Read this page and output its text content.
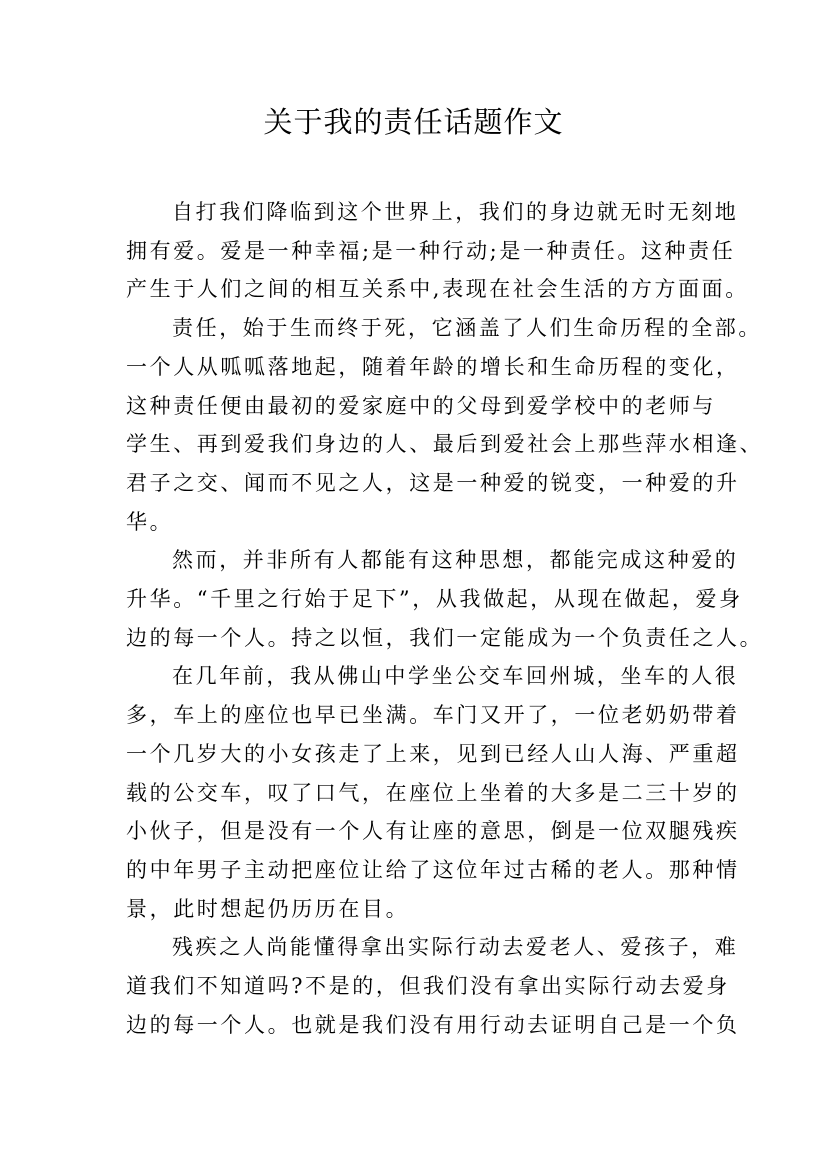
关于我的责任话题作文

自打我们降临到这个世界上，我们的身边就无时无刻地
拥有爱。爱是一种幸福;是一种行动;是一种责任。这种责任
产生于人们之间的相互关系中,表现在社会生活的方方面面。

责任，始于生而终于死，它涵盖了人们生命历程的全部。
一个人从呱呱落地起，随着年龄的增长和生命历程的变化，
这种责任便由最初的爱家庭中的父母到爱学校中的老师与
学生、再到爱我们身边的人、最后到爱社会上那些萍水相逢、
君子之交、闻而不见之人，这是一种爱的锐变，一种爱的升
华。

然而，并非所有人都能有这种思想，都能完成这种爱的
升华。“千里之行始于足下”，从我做起，从现在做起，爱身
边的每一个人。持之以恒，我们一定能成为一个负责任之人。

在几年前，我从佛山中学坐公交车回州城，坐车的人很
多，车上的座位也早已坐满。车门又开了，一位老奶奶带着
一个几岁大的小女孩走了上来，见到已经人山人海、严重超
载的公交车，叹了口气，在座位上坐着的大多是二三十岁的
小伙子，但是没有一个人有让座的意思，倒是一位双腿残疾
的中年男子主动把座位让给了这位年过古稀的老人。那种情
景，此时想起仍历历在目。

残疾之人尚能懂得拿出实际行动去爱老人、爱孩子，难
道我们不知道吗?不是的，但我们没有拿出实际行动去爱身
边的每一个人。也就是我们没有用行动去证明自己是一个负
